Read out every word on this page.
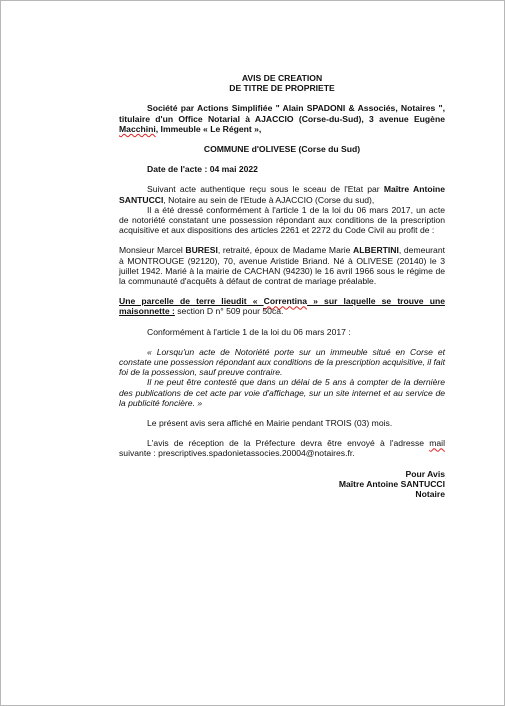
AVIS DE CREATION

DE TITRE DE PROPRIETE

Société par Actions Simplifiée " Alain SPADONI & Associés, Notaires ", titulaire d'un Office Notarial à AJACCIO (Corse-du-Sud), 3 avenue Eugène Macchini, Immeuble « Le Régent »,

COMMUNE d'OLIVESE (Corse du Sud)

Date de l'acte : 04 mai 2022

Suivant acte authentique reçu sous le sceau de l'Etat par Maître Antoine SANTUCCI, Notaire au sein de l'Etude à AJACCIO (Corse du sud),

Il a été dressé conformément à l'article 1 de la loi du 06 mars 2017, un acte de notoriété constatant une possession répondant aux conditions de la prescription acquisitive et aux dispositions des articles 2261 et 2272 du Code Civil au profit de :

Monsieur Marcel BURESI, retraité, époux de Madame Marie ALBERTINI, demeurant à MONTROUGE (92120), 70, avenue Aristide Briand. Né à OLIVESE (20140) le 3 juillet 1942. Marié à la mairie de CACHAN (94230) le 16 avril 1966 sous le régime de la communauté d'acquêts à défaut de contrat de mariage préalable.

Une parcelle de terre lieudit « Correntina » sur laquelle se trouve une maisonnette : section D n° 509 pour 50ca.

Conformément à l'article 1 de la loi du 06 mars 2017 :

« Lorsqu'un acte de Notoriété porte sur un immeuble situé en Corse et constate une possession répondant aux conditions de la prescription acquisitive, il fait foi de la possession, sauf preuve contraire.

Il ne peut être contesté que dans un délai de 5 ans à compter de la dernière des publications de cet acte par voie d'affichage, sur un site internet et au service de la publicité foncière. »

Le présent avis sera affiché en Mairie pendant TROIS (03) mois.

L'avis de réception de la Préfecture devra être envoyé à l'adresse mail suivante : prescriptives.spadonietassocies.20004@notaires.fr.

Pour Avis

Maître Antoine SANTUCCI

Notaire
